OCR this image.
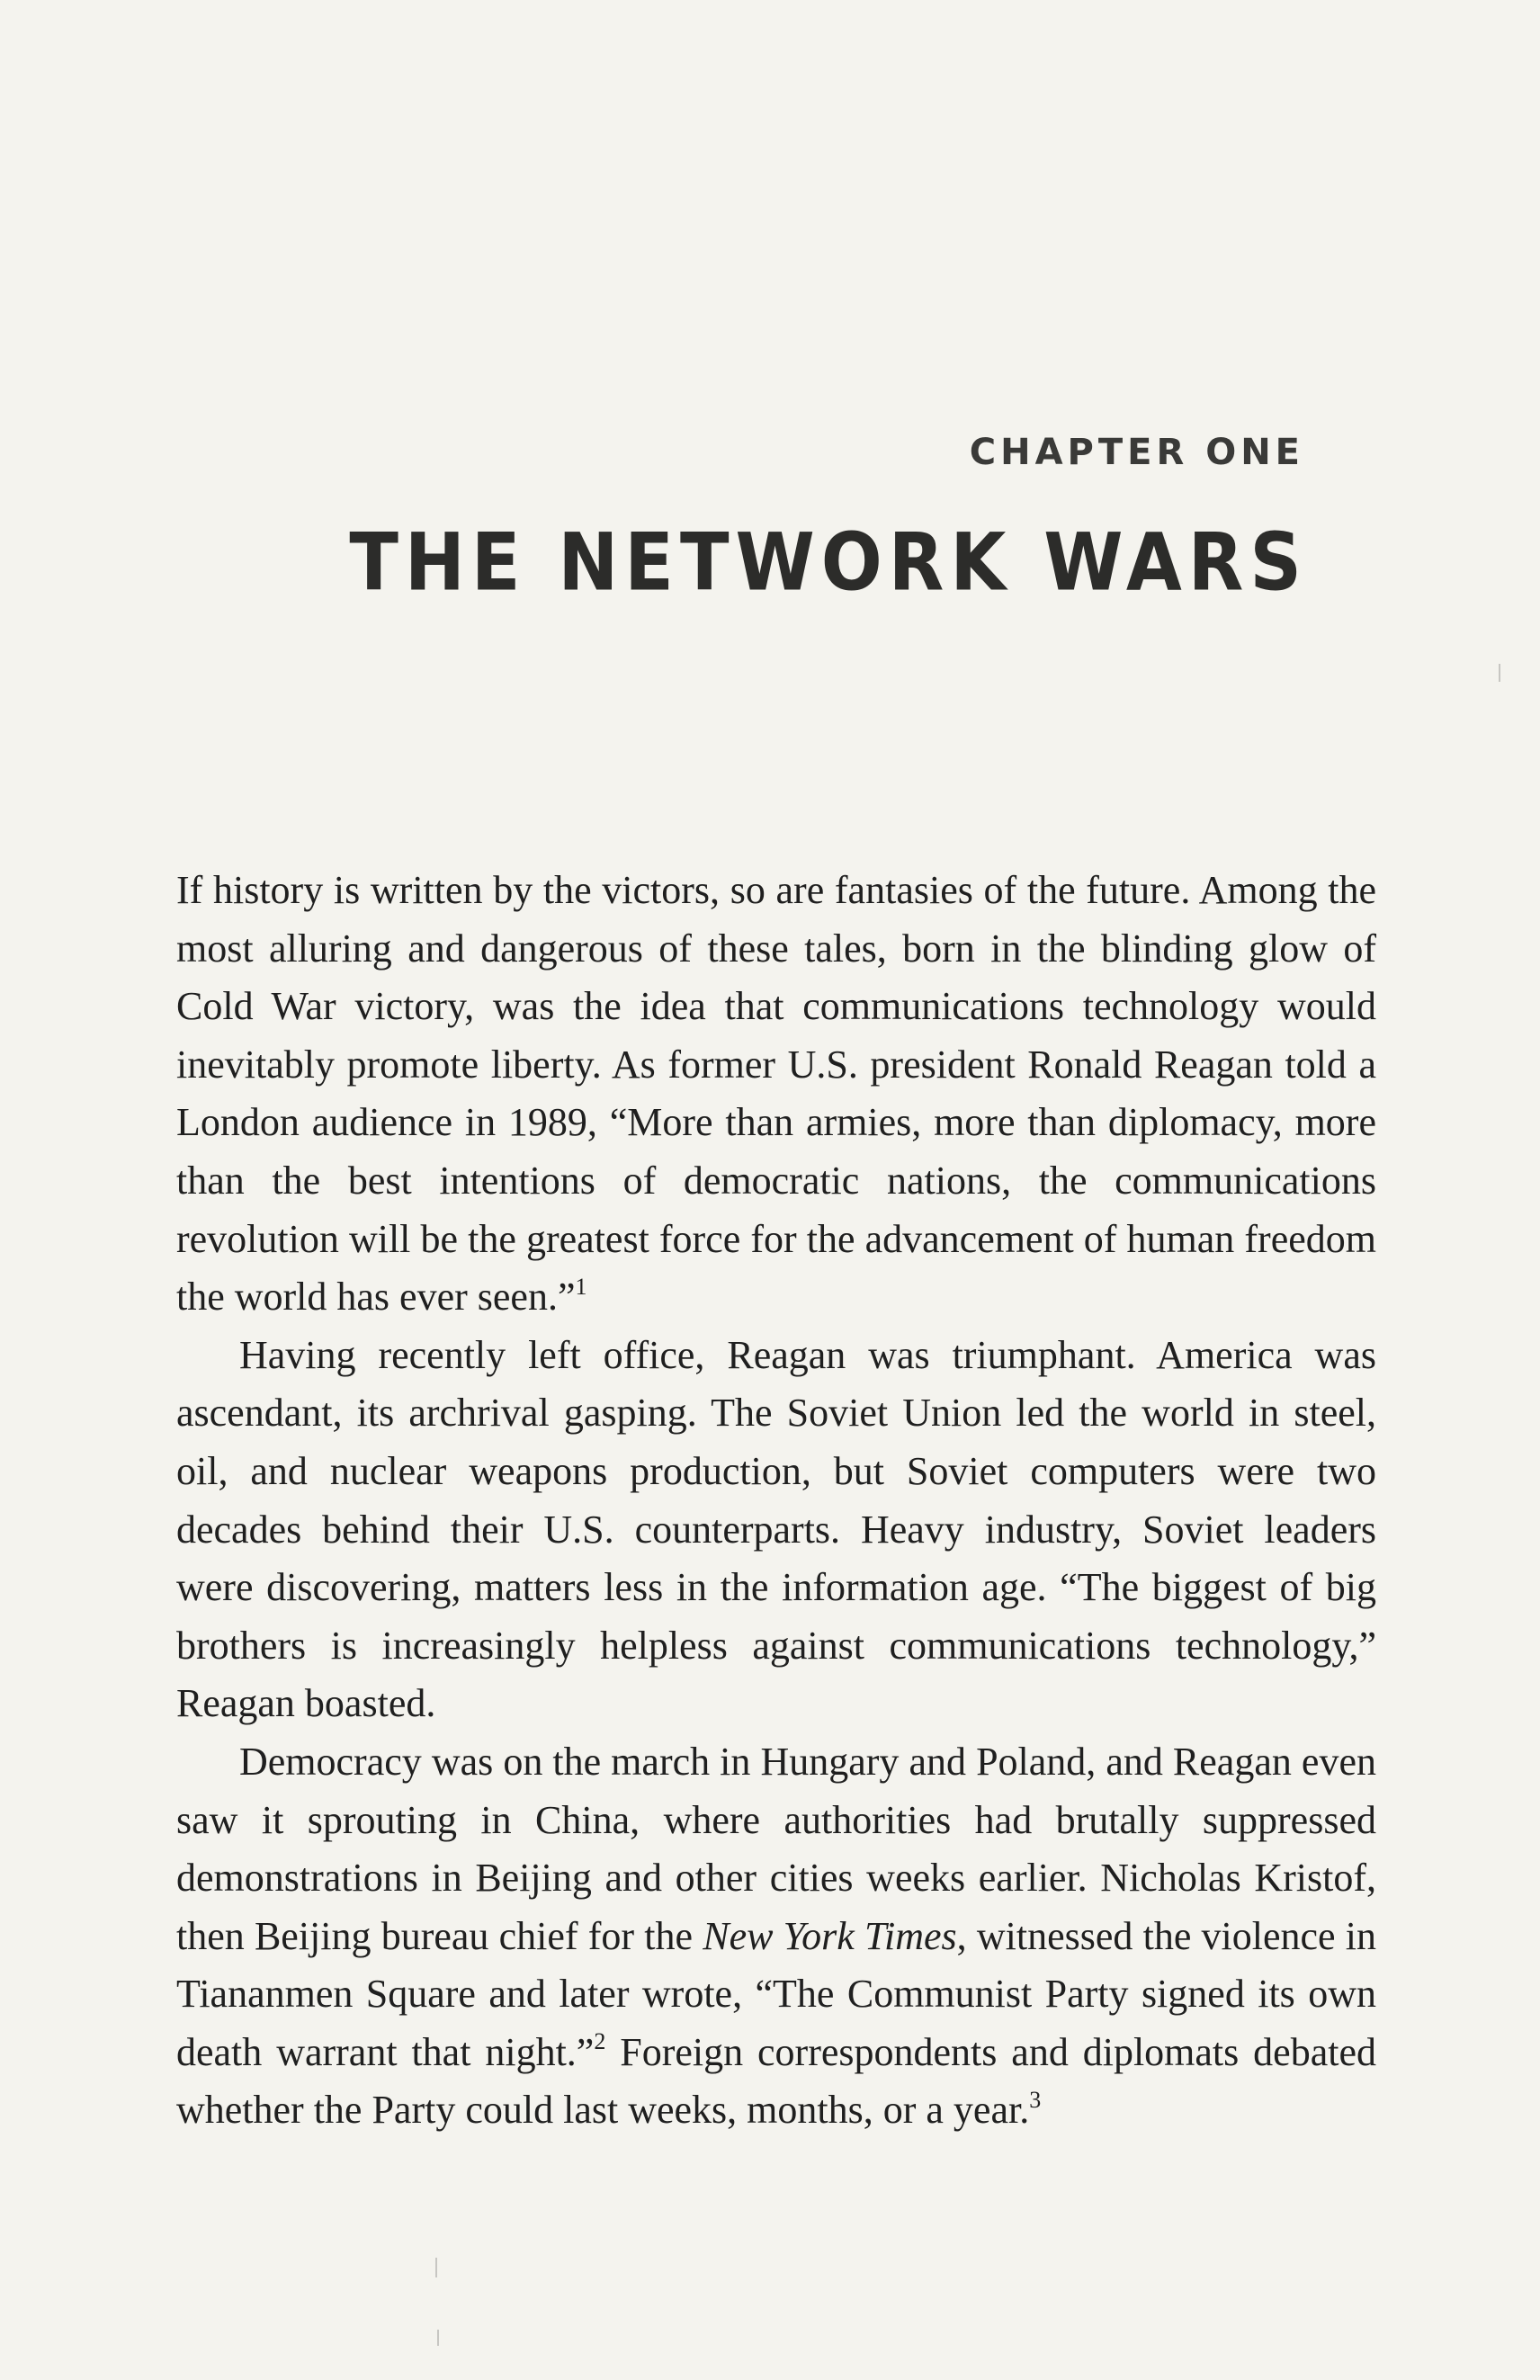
CHAPTER ONE
THE NETWORK WARS

If history is written by the victors, so are fantasies of the future. Among the most alluring and dangerous of these tales, born in the blinding glow of Cold War victory, was the idea that communications technology would inevitably promote liberty. As former U.S. president Ronald Reagan told a London audience in 1989, “More than armies, more than diplomacy, more than the best intentions of democratic nations, the communications revolution will be the greatest force for the advancement of human freedom the world has ever seen.”$^1$

Having recently left office, Reagan was triumphant. America was ascendant, its archrival gasping. The Soviet Union led the world in steel, oil, and nuclear weapons production, but Soviet computers were two decades behind their U.S. counterparts. Heavy industry, Soviet leaders were discovering, matters less in the information age. “The biggest of big brothers is increasingly helpless against communications technology,” Reagan boasted.

Democracy was on the march in Hungary and Poland, and Reagan even saw it sprouting in China, where authorities had brutally suppressed demonstrations in Beijing and other cities weeks earlier. Nicholas Kristof, then Beijing bureau chief for the New York Times, witnessed the violence in Tiananmen Square and later wrote, “The Communist Party signed its own death warrant that night.”$^2$ Foreign correspondents and diplomats debated whether the Party could last weeks, months, or a year.$^3$
